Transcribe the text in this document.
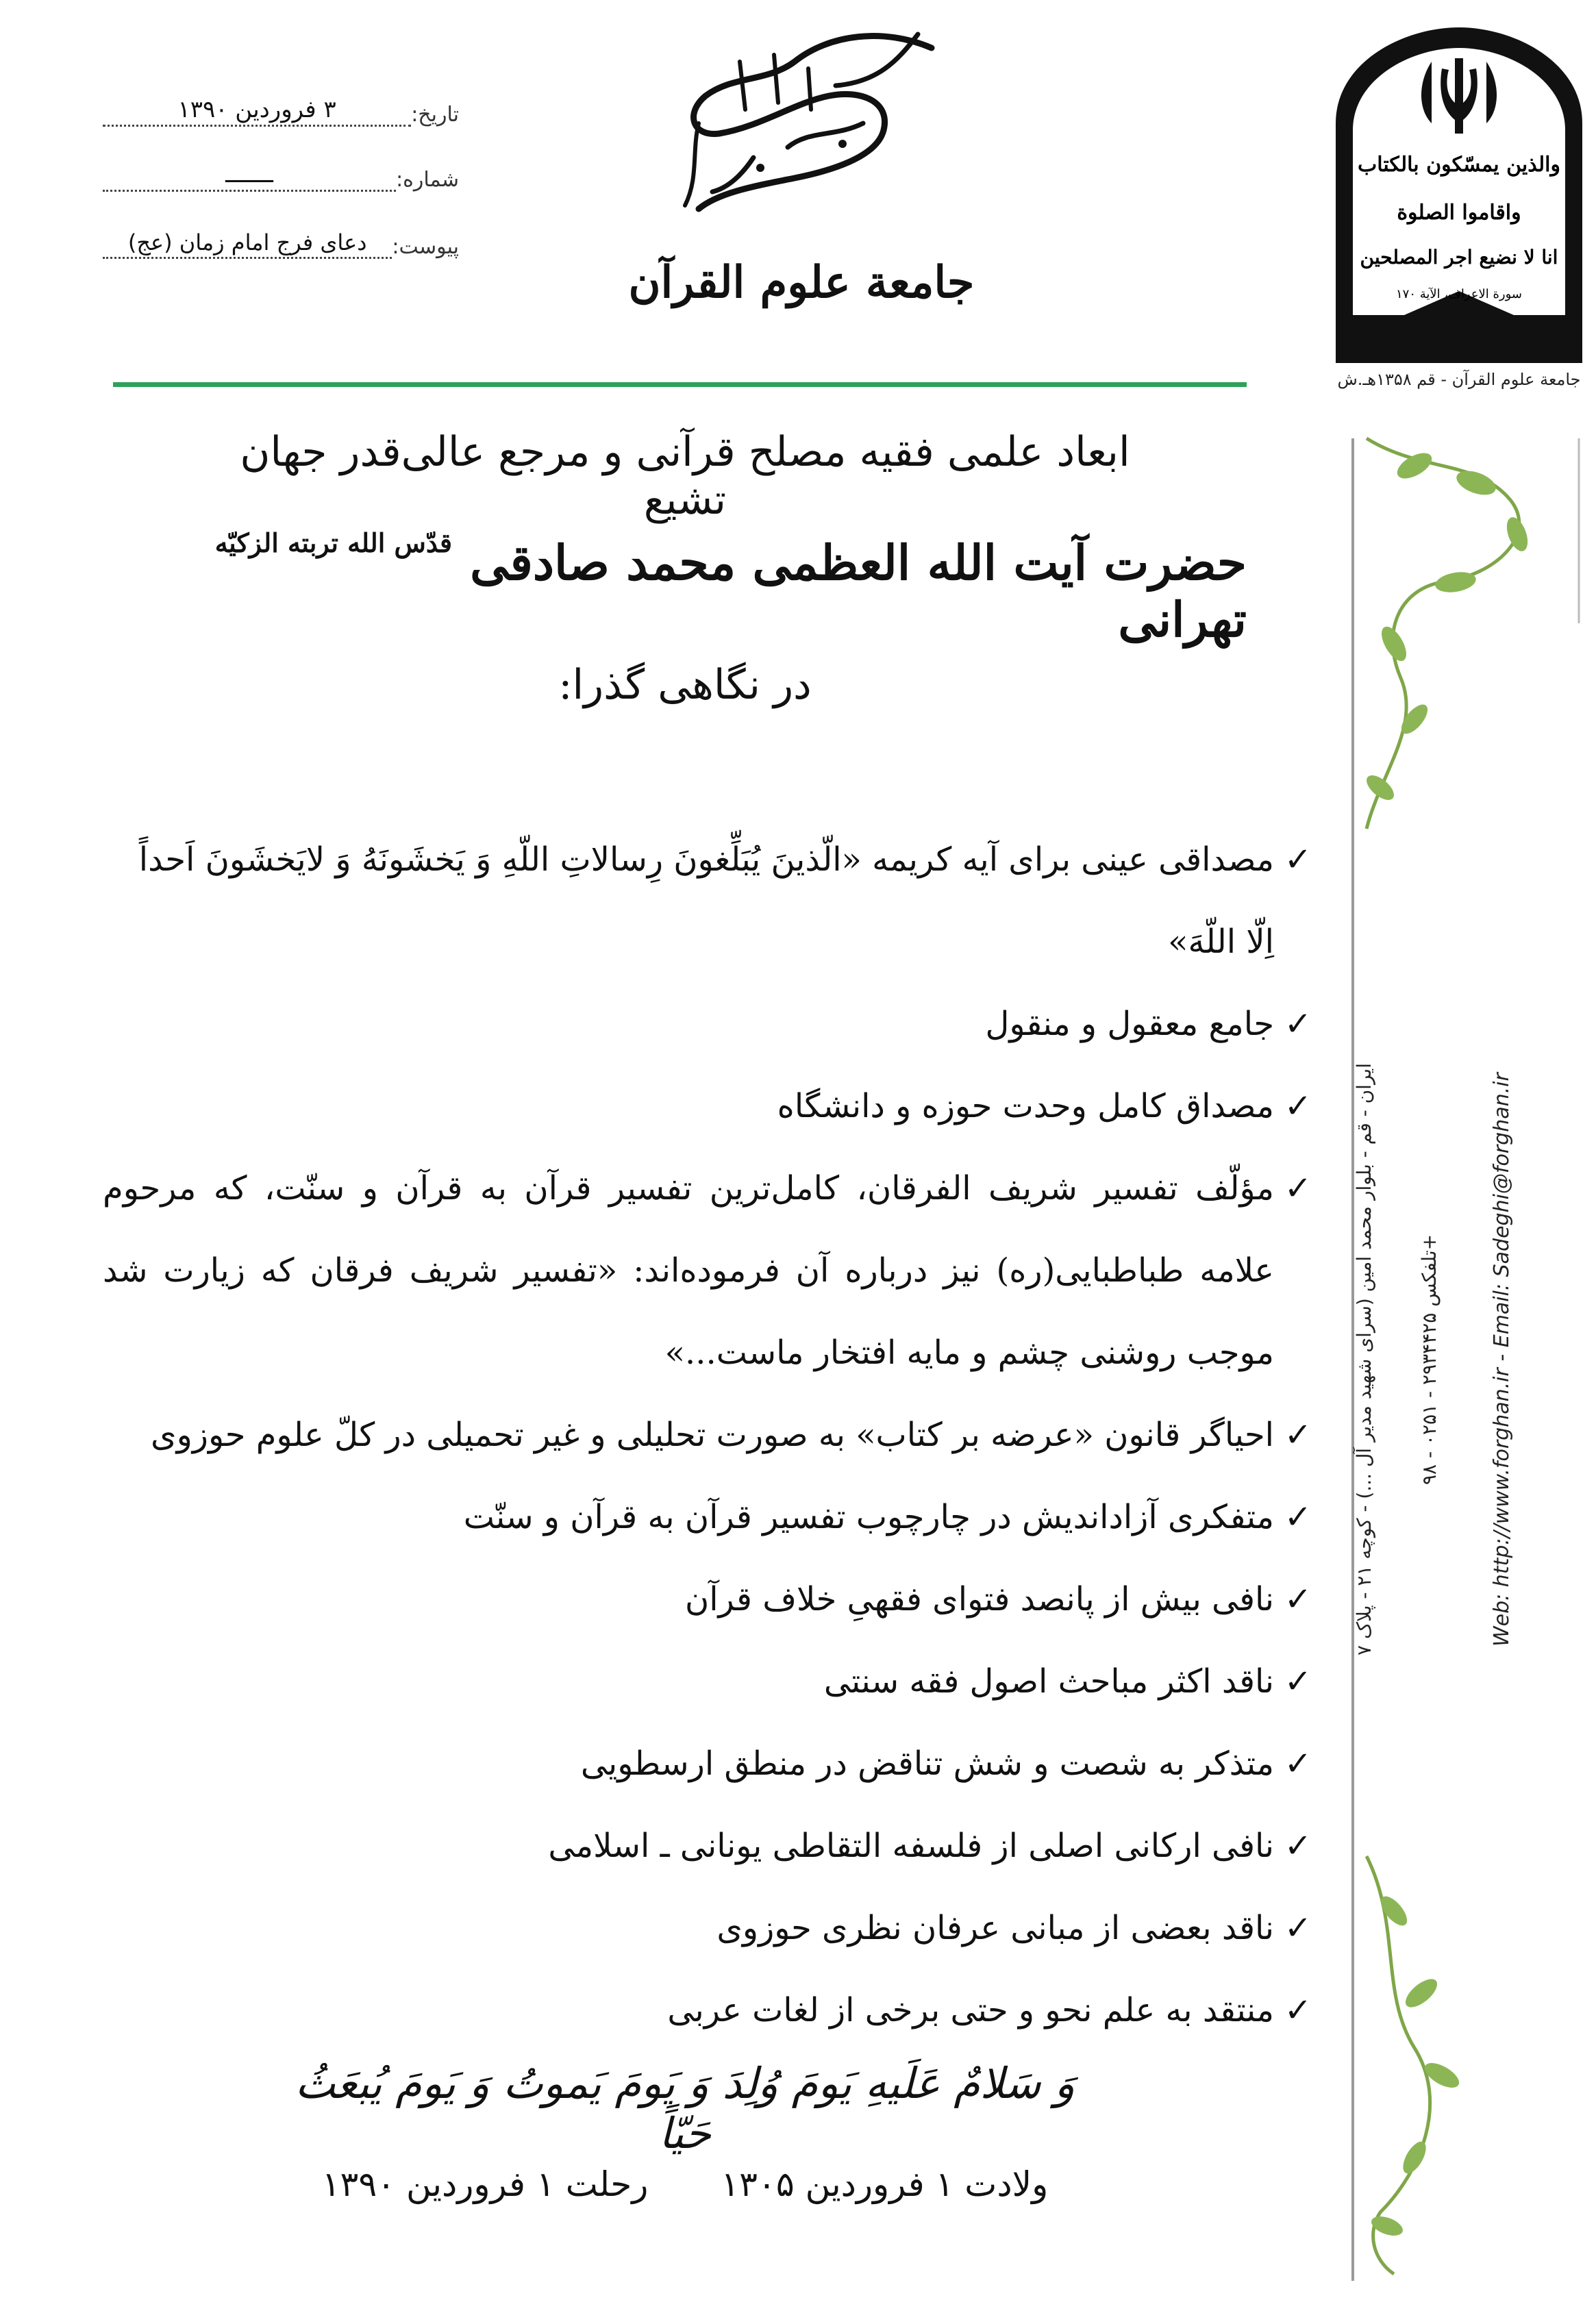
تاریخ:
۳ فروردین ۱۳۹۰
شماره:
ـــــــ
پیوست:
دعای فرج امام زمان (عج)
جامعة علوم القرآن
والذین یمسّکون بالکتاب
واقاموا الصلوة
انا لا نضیع اجر المصلحین
سورة الاعراف، الآیة ۱۷۰
جامعة علوم القرآن - قم ۱۳۵۸هـ.ش
ایران - قم - بلوار محمد امین (سرای شهید مدیر آل ...) - کوچه ۲۱ - پلاک ۷	تلفکس ۲۹۳۴۴۲۵ - ۰۲۵۱ - ۹۸+	Web: http://www.forghan.ir - Email: Sadeghi@forghan.ir
ابعاد علمی فقیه مصلح قرآنی و مرجع عالی‌قدر جهان تشیع
حضرت آیت الله العظمی محمد صادقی تهرانی
قدّس الله تربته الزکیّه
در نگاهی گذرا:
✓
مصداقی عینی برای آیه کریمه «الّذینَ یُبَلِّغونَ رِسالاتِ اللّهِ وَ یَخشَونَهُ وَ لایَخشَونَ اَحداً اِلّا اللّهَ»
✓
جامع معقول و منقول
✓
مصداق کامل وحدت حوزه و دانشگاه
✓
مؤلّف تفسیر شریف الفرقان، کامل‌ترین تفسیر قرآن به قرآن و سنّت، که مرحوم علامه طباطبایی(ره) نیز درباره آن فرموده‌اند: «تفسیر شریف فرقان که زیارت شد موجب روشنی چشم و مایه افتخار ماست...»
✓
احیاگر قانون «عرضه بر کتاب» به صورت تحلیلی و غیر تحمیلی در کلّ علوم حوزوی
✓
متفکری آزاداندیش در چارچوب تفسیر قرآن به قرآن و سنّت
✓
نافی بیش از پانصد فتوای فقهیِ خلاف قرآن
✓
ناقد اکثر مباحث اصول فقه سنتی
✓
متذکر به شصت و شش تناقض در منطق ارسطویی
✓
نافی ارکانی اصلی از فلسفه التقاطی یونانی ـ اسلامی
✓
ناقد بعضی از مبانی عرفان نظری حوزوی
✓
منتقد به علم نحو و حتی برخی از لغات عربی
وَ سَلامٌ عَلَیهِ یَومَ وُلِدَ وَ یَومَ یَموتُ وَ یَومَ یُبعَثُ حَیّاً
ولادت ۱ فروردین ۱۳۰۵ رحلت ۱ فروردین ۱۳۹۰
